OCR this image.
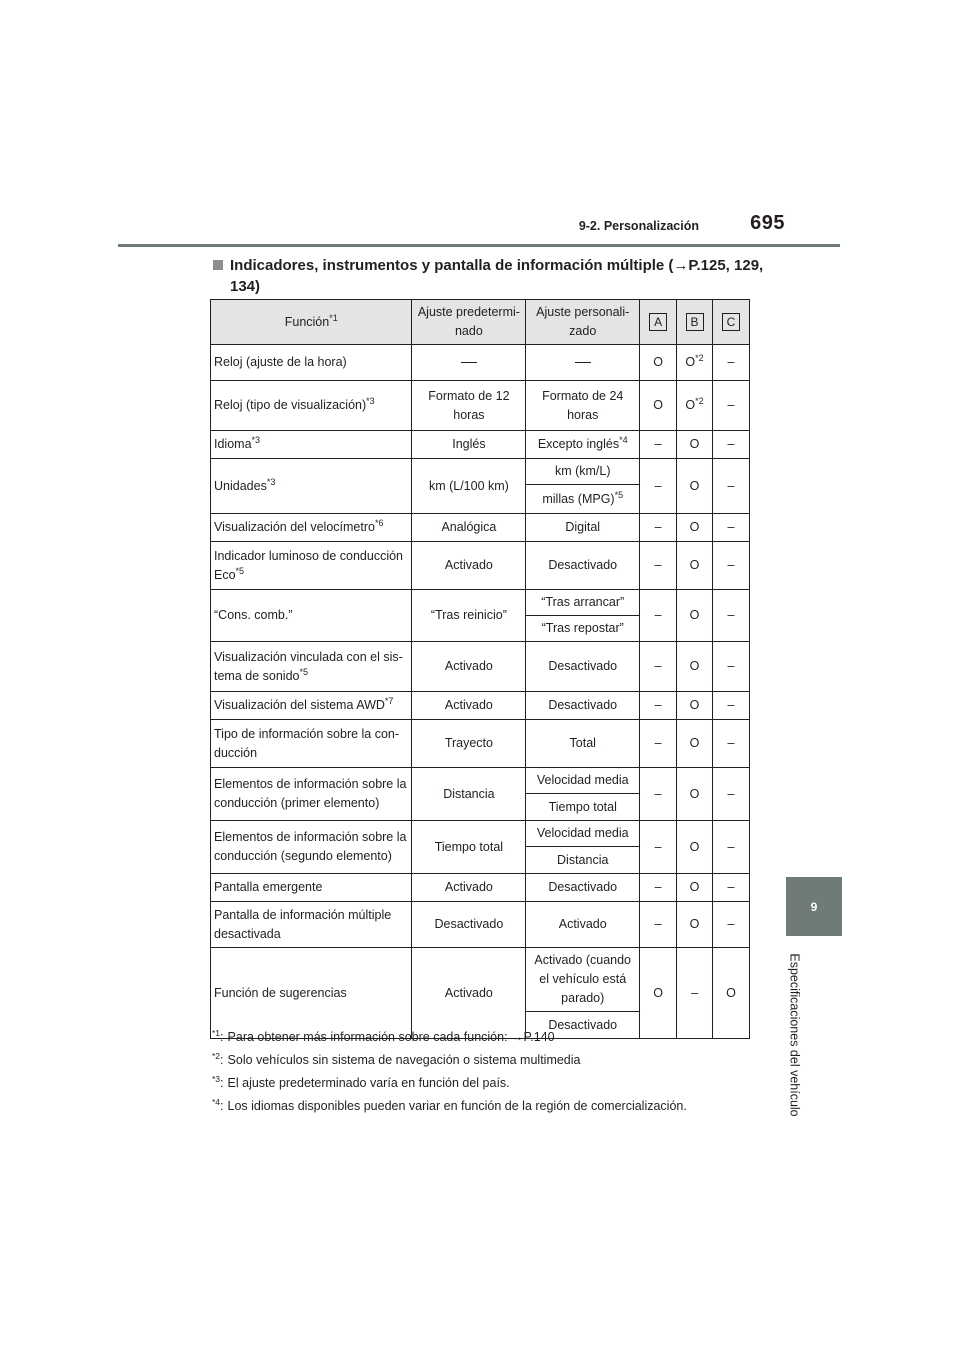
695
9-2. Personalización
9
Especificaciones del vehículo
Indicadores, instrumentos y pantalla de información múltiple (→P.125, 129, 134)
Función$^{*1}$	Ajuste predetermi- nado	Ajuste personali- zado	A	B	C
Reloj (ajuste de la hora)			O	$O^{*2}$	–
Reloj (tipo de visualización)$^{*3}$	Formato de 12 horas	Formato de 24 horas	O	$O^{*2}$	–
Idioma$^{*3}$	Inglés	Excepto inglés$^{*4}$	–	O	–
Unidades$^{*3}$	km (L/100 km)	km (km/L)	–	O	–
		millas (MPG)$^{*5}$
Visualización del velocímetro$^{*6}$	Analógica	Digital	–	O	–
Indicador luminoso de conducción Eco$^{*5}$	Activado	Desactivado	–	O	–
“Cons. comb.”	“Tras reinicio”	“Tras arrancar”	–	O	–
		“Tras repostar”			
Visualización vinculada con el sis- tema de sonido$^{*5}$	Activado	Desactivado	–	O	–
Visualización del sistema AWD$^{*7}$	Activado	Desactivado	–	O	–
Tipo de información sobre la con- ducción	Trayecto	Total	–	O	–
Elementos de información sobre la conducción (primer elemento)	Distancia	Velocidad media	–	O	–
		Tiempo total			
Elementos de información sobre la conducción (segundo elemento)	Tiempo total	Velocidad media	–	O	–
		Distancia			
Pantalla emergente	Activado	Desactivado	–	O	–
Pantalla de información múltiple desactivada	Desactivado	Activado	–	O	–
Función de sugerencias	Activado	Activado (cuando el vehículo está parado)	O	–	O
		Desactivado			
$^{*1}$: Para obtener más información sobre cada función: →P.140
$^{*2}$: Solo vehículos sin sistema de navegación o sistema multimedia
$^{*3}$: El ajuste predeterminado varía en función del país.
$^{*4}$: Los idiomas disponibles pueden variar en función de la región de comercialización.
